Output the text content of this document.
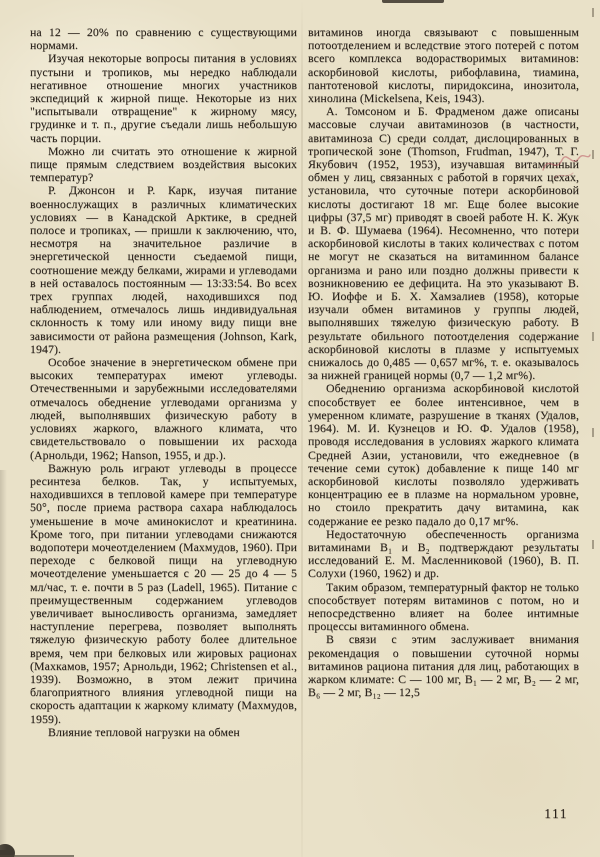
на 12 — 20% по сравнению с существующими нормами.

Изучая некоторые вопросы питания в условиях пустыни и тропиков, мы нередко наблюдали негативное отношение многих участников экспедиций к жирной пище. Некоторые из них "испытывали отвращение" к жирному мясу, грудинке и т. п., другие съедали лишь небольшую часть порции.

Можно ли считать это отношение к жирной пище прямым следствием воздействия высоких температур?

Р. Джонсон и Р. Карк, изучая питание военнослужащих в различных климатических условиях — в Канадской Арктике, в средней полосе и тропиках, — пришли к заключению, что, несмотря на значительное различие в энергетической ценности съедаемой пищи, соотношение между белками, жирами и углеводами в ней оставалось постоянным — 13:33:54. Во всех трех группах людей, находившихся под наблюдением, отмечалось лишь индивидуальная склонность к тому или иному виду пищи вне зависимости от района размещения (Johnson, Kark, 1947).

Особое значение в энергетическом обмене при высоких температурах имеют углеводы. Отечественными и зарубежными исследователями отмечалось обеднение углеводами организма у людей, выполнявших физическую работу в условиях жаркого, влажного климата, что свидетельствовало о повышении их расхода (Арнольди, 1962; Hanson, 1955, и др.).

Важную роль играют углеводы в процессе ресинтеза белков. Так, у испытуемых, находившихся в тепловой камере при температуре 50°, после приема раствора сахара наблюдалось уменьшение в моче аминокислот и креатинина. Кроме того, при питании углеводами снижаются водопотери мочеотделением (Махмудов, 1960). При переходе с белковой пищи на углеводную мочеотделение уменьшается с 20 — 25 до 4 — 5 мл/час, т. е. почти в 5 раз (Ladell, 1965). Питание с преимущественным содержанием углеводов увеличивает выносливость организма, замедляет наступление перегрева, позволяет выполнять тяжелую физическую работу более длительное время, чем при белковых или жировых рационах (Махкамов, 1957; Арнольди, 1962; Christensen et al., 1939). Возможно, в этом лежит причина благоприятного влияния углеводной пищи на скорость адаптации к жаркому климату (Махмудов, 1959).

Влияние тепловой нагрузки на обмен

витаминов иногда связывают с повышенным потоотделением и вследствие этого потерей с потом всего комплекса водорастворимых витаминов: аскорбиновой кислоты, рибофлавина, тиамина, пантотеновой кислоты, пиридоксина, инозитола, хинолина (Mickelsena, Keis, 1943).

А. Томсоном и Б. Фрадменом даже описаны массовые случаи авитаминозов (в частности, авитаминоза С) среди солдат, дислоцированных в тропической зоне (Thomson, Frudman, 1947), Т. Г. Якубович (1952, 1953), изучавшая витаминный обмен у лиц, связанных с работой в горячих цехах, установила, что суточные потери аскорбиновой кислоты достигают 18 мг. Еще более высокие цифры (37,5 мг) приводят в своей работе Н. К. Жук и В. Ф. Шумаева (1964). Несомненно, что потери аскорбиновой кислоты в таких количествах с потом не могут не сказаться на витаминном балансе организма и рано или поздно должны привести к возникновению ее дефицита. На это указывают В. Ю. Иоффе и Б. Х. Хамзалиев (1958), которые изучали обмен витаминов у группы людей, выполнявших тяжелую физическую работу. В результате обильного потоотделения содержание аскорбиновой кислоты в плазме у испытуемых снижалось до 0,485 — 0,657 мг%, т. е. оказывалось за нижней границей нормы (0,7 — 1,2 мг%).

Обеднению организма аскорбиновой кислотой способствует ее более интенсивное, чем в умеренном климате, разрушение в тканях (Удалов, 1964). М. И. Кузнецов и Ю. Ф. Удалов (1958), проводя исследования в условиях жаркого климата Средней Азии, установили, что ежедневное (в течение семи суток) добавление к пище 140 мг аскорбиновой кислоты позволяло удерживать концентрацию ее в плазме на нормальном уровне, но стоило прекратить дачу витамина, как содержание ее резко падало до 0,17 мг%.

Недостаточную обеспеченность организма витаминами B₁ и B₂ подтверждают результаты исследований Е. М. Масленниковой (1960), В. П. Солухи (1960, 1962) и др.

Таким образом, температурный фактор не только способствует потерям витаминов с потом, но и непосредственно влияет на более интимные процессы витаминного обмена.

В связи с этим заслуживает внимания рекомендация о повышении суточной нормы витаминов рациона питания для лиц, работающих в жарком климате: С — 100 мг, B₁ — 2 мг, B₂ — 2 мг, B₆ — 2 мг, B₁₂ — 12,5

111
